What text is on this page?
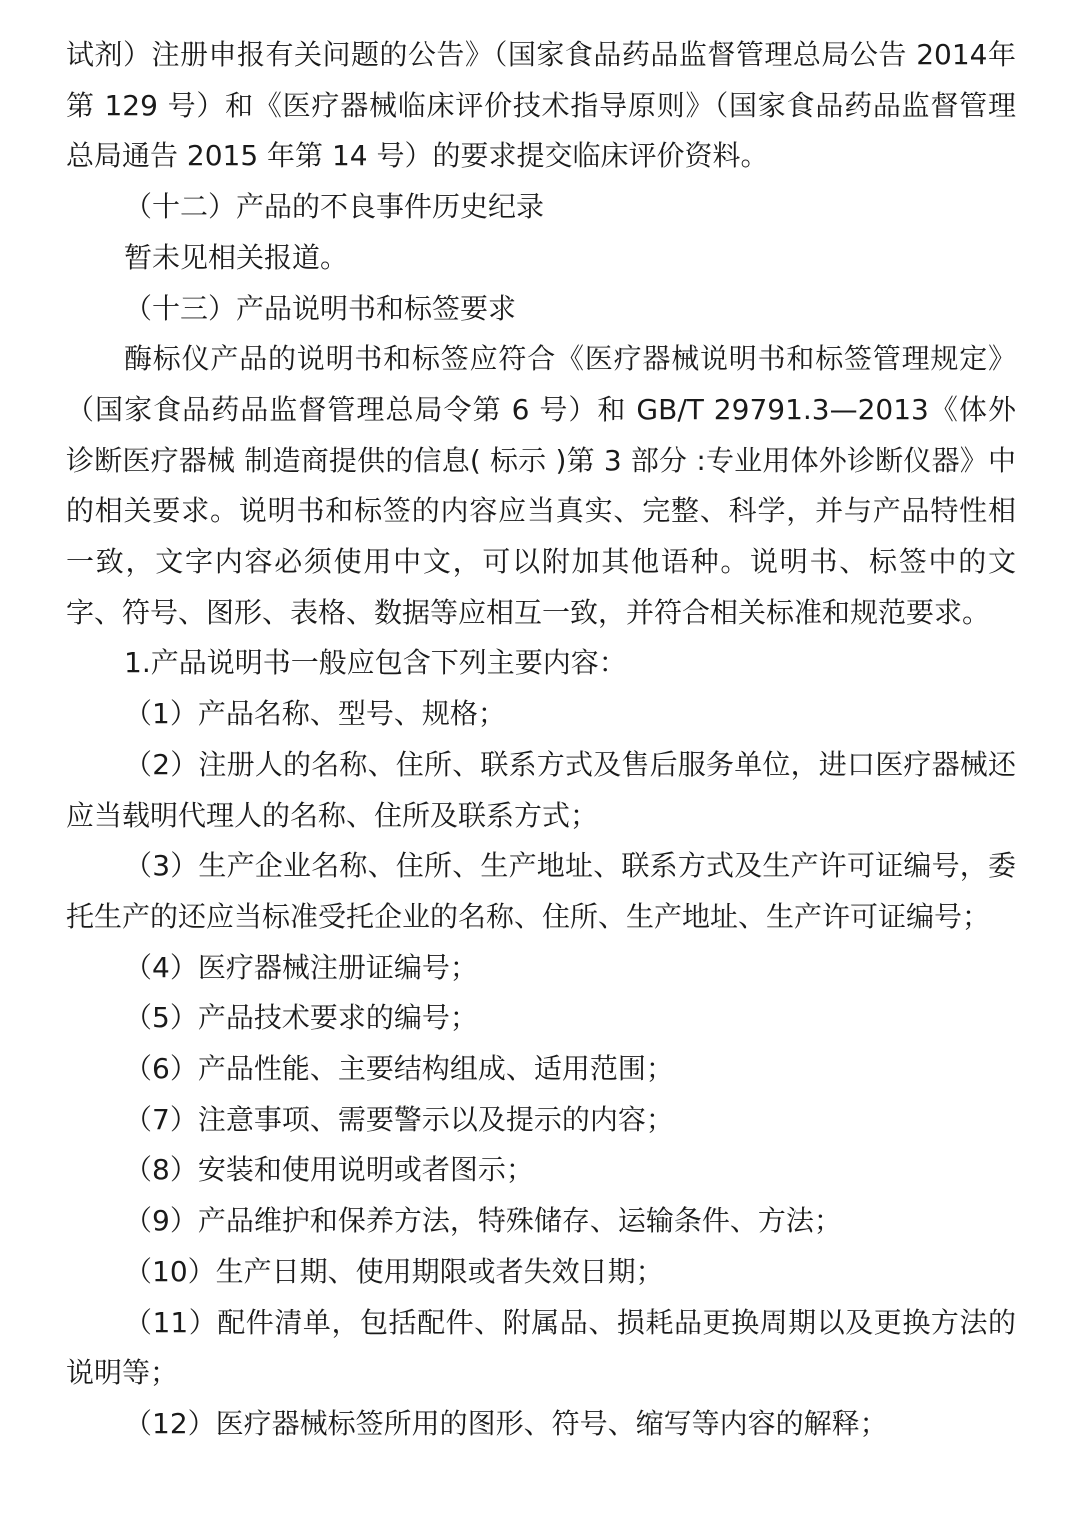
试剂）注册申报有关问题的公告》（国家食品药品监督管理总局公告 2014年第 129 号）和《医疗器械临床评价技术指导原则》（国家食品药品监督管理总局通告 2015 年第 14 号）的要求提交临床评价资料。

（十二）产品的不良事件历史纪录

暂未见相关报道。

（十三）产品说明书和标签要求

酶标仪产品的说明书和标签应符合《医疗器械说明书和标签管理规定》（国家食品药品监督管理总局令第 6 号）和 GB/T 29791.3—2013《体外诊断医疗器械 制造商提供的信息( 标示 )第 3 部分 :专业用体外诊断仪器》中的相关要求。说明书和标签的内容应当真实、完整、科学，并与产品特性相一致，文字内容必须使用中文，可以附加其他语种。说明书、标签中的文字、符号、图形、表格、数据等应相互一致，并符合相关标准和规范要求。

1.产品说明书一般应包含下列主要内容：

（1）产品名称、型号、规格；

（2）注册人的名称、住所、联系方式及售后服务单位，进口医疗器械还应当载明代理人的名称、住所及联系方式；

（3）生产企业名称、住所、生产地址、联系方式及生产许可证编号，委托生产的还应当标准受托企业的名称、住所、生产地址、生产许可证编号；

（4）医疗器械注册证编号；

（5）产品技术要求的编号；

（6）产品性能、主要结构组成、适用范围；

（7）注意事项、需要警示以及提示的内容；

（8）安装和使用说明或者图示；

（9）产品维护和保养方法，特殊储存、运输条件、方法；

（10）生产日期、使用期限或者失效日期；

（11）配件清单，包括配件、附属品、损耗品更换周期以及更换方法的说明等；

（12）医疗器械标签所用的图形、符号、缩写等内容的解释；
